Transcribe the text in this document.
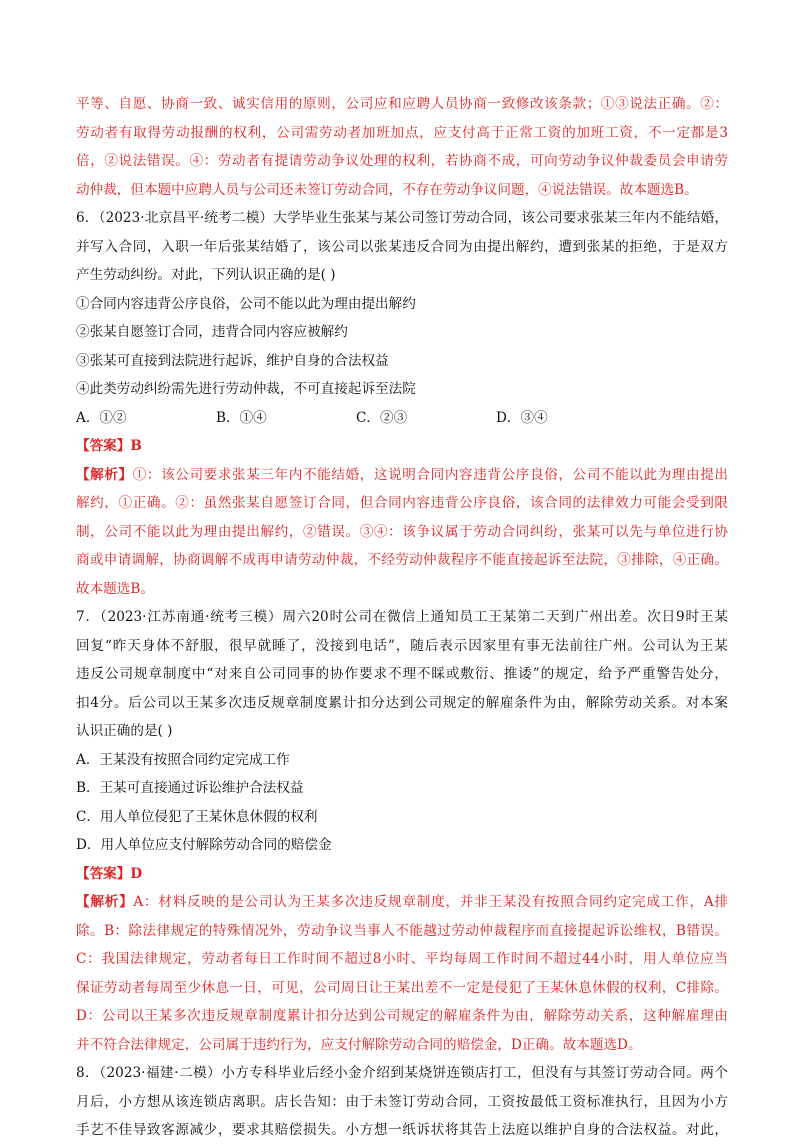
平等、自愿、协商一致、诚实信用的原则，公司应和应聘人员协商一致修改该条款；①③说法正确。②：
劳动者有取得劳动报酬的权利，公司需劳动者加班加点，应支付高于正常工资的加班工资，不一定都是3
倍，②说法错误。④：劳动者有提请劳动争议处理的权利，若协商不成，可向劳动争议仲裁委员会申请劳
动仲裁，但本题中应聘人员与公司还未签订劳动合同，不存在劳动争议问题，④说法错误。故本题选B。
6．（2023·北京昌平·统考二模）大学毕业生张某与某公司签订劳动合同，该公司要求张某三年内不能结婚，
并写入合同，入职一年后张某结婚了，该公司以张某违反合同为由提出解约，遭到张某的拒绝，于是双方
产生劳动纠纷。对此，下列认识正确的是( )
①合同内容违背公序良俗，公司不能以此为理由提出解约
②张某自愿签订合同，违背合同内容应被解约
③张某可直接到法院进行起诉，维护自身的合法权益
④此类劳动纠纷需先进行劳动仲裁，不可直接起诉至法院
A．①②	B．①④	C．②③	D．③④
【答案】B
【解析】①：该公司要求张某三年内不能结婚，这说明合同内容违背公序良俗，公司不能以此为理由提出
解约，①正确。②：虽然张某自愿签订合同，但合同内容违背公序良俗，该合同的法律效力可能会受到限
制，公司不能以此为理由提出解约，②错误。③④：该争议属于劳动合同纠纷，张某可以先与单位进行协
商或申请调解，协商调解不成再申请劳动仲裁，不经劳动仲裁程序不能直接起诉至法院，③排除，④正确。
故本题选B。
7．（2023·江苏南通·统考三模）周六20时公司在微信上通知员工王某第二天到广州出差。次日9时王某
回复“昨天身体不舒服，很早就睡了，没接到电话”，随后表示因家里有事无法前往广州。公司认为王某
违反公司规章制度中“对来自公司同事的协作要求不理不睬或敷衍、推诿”的规定，给予严重警告处分，
扣4分。后公司以王某多次违反规章制度累计扣分达到公司规定的解雇条件为由，解除劳动关系。对本案
认识正确的是( )
A．王某没有按照合同约定完成工作
B．王某可直接通过诉讼维护合法权益
C．用人单位侵犯了王某休息休假的权利
D．用人单位应支付解除劳动合同的赔偿金
【答案】D
【解析】A：材料反映的是公司认为王某多次违反规章制度，并非王某没有按照合同约定完成工作，A排
除。B：除法律规定的特殊情况外，劳动争议当事人不能越过劳动仲裁程序而直接提起诉讼维权，B错误。
C：我国法律规定，劳动者每日工作时间不超过8小时、平均每周工作时间不超过44小时，用人单位应当
保证劳动者每周至少休息一日，可见，公司周日让王某出差不一定是侵犯了王某休息休假的权利，C排除。
D：公司以王某多次违反规章制度累计扣分达到公司规定的解雇条件为由，解除劳动关系，这种解雇理由
并不符合法律规定，公司属于违约行为，应支付解除劳动合同的赔偿金，D正确。故本题选D。
8．（2023·福建·二模）小方专科毕业后经小金介绍到某烧饼连锁店打工，但没有与其签订劳动合同。两个
月后，小方想从该连锁店离职。店长告知：由于未签订劳动合同，工资按最低工资标准执行，且因为小方
手艺不佳导致客源减少，要求其赔偿损失。小方想一纸诉状将其告上法庭以维护自身的合法权益。对此，
